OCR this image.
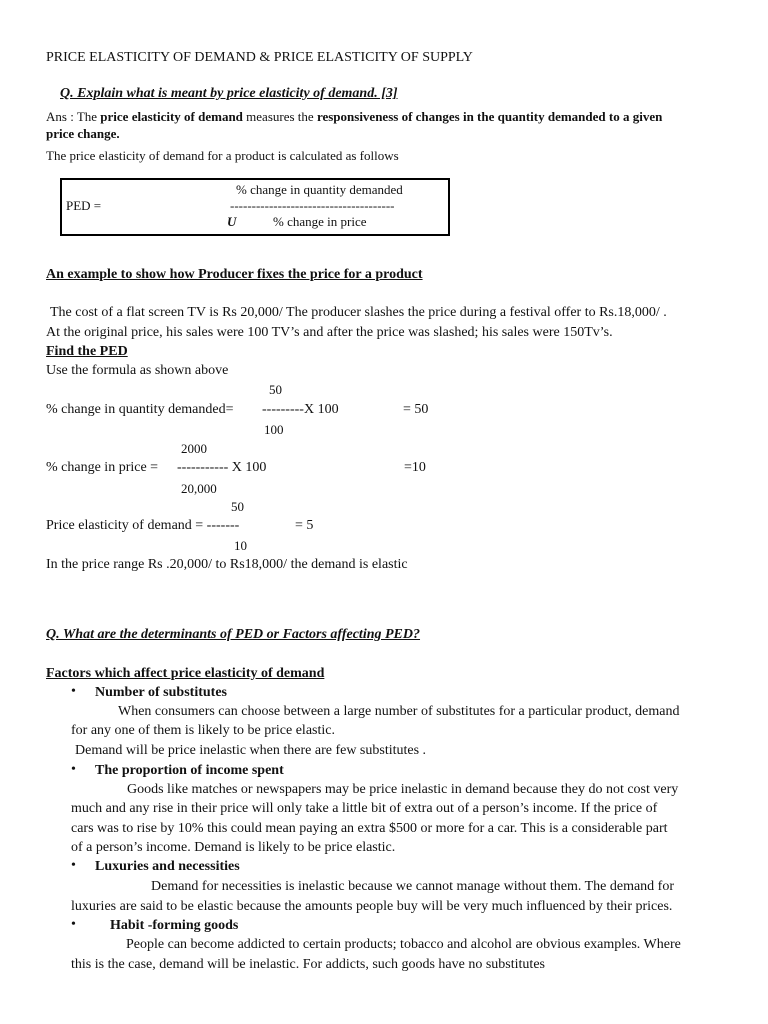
PRICE ELASTICITY OF DEMAND & PRICE ELASTICITY OF SUPPLY
Q. Explain what is meant by price elasticity of demand. [3]
Ans : The price elasticity of demand measures the responsiveness of changes in the quantity demanded to a given
price change.
The price elasticity of demand for a product is calculated as follows
PED =
% change in quantity demanded
--------------------------------------
U	% change in price
An example to show how Producer fixes the price for a product
The cost of a flat screen TV is Rs 20,000/ The producer slashes the price during a festival offer to Rs.18,000/ .
At the original price, his sales were 100 TV’s and after the price was slashed; his sales were 150Tv’s.
Find the PED
Use the formula as shown above
50
% change in quantity demanded= ---------X 100	= 50
100
2000
% change in price = ----------- X 100	=10
20,000
50
Price elasticity of demand = -------	= 5
10
In the price range Rs .20,000/ to Rs18,000/ the demand is elastic
Q. What are the determinants of PED or Factors affecting PED?
Factors which affect price elasticity of demand
• Number of substitutes
When consumers can choose between a large number of substitutes for a particular product, demand
for any one of them is likely to be price elastic.
Demand will be price inelastic when there are few substitutes .
• The proportion of income spent
Goods like matches or newspapers may be price inelastic in demand because they do not cost very
much and any rise in their price will only take a little bit of extra out of a person’s income. If the price of
cars was to rise by 10% this could mean paying an extra $500 or more for a car. This is a considerable part
of a person’s income. Demand is likely to be price elastic.
• Luxuries and necessities
Demand for necessities is inelastic because we cannot manage without them. The demand for
luxuries are said to be elastic because the amounts people buy will be very much influenced by their prices.
• Habit -forming goods
People can become addicted to certain products; tobacco and alcohol are obvious examples. Where
this is the case, demand will be inelastic. For addicts, such goods have no substitutes
